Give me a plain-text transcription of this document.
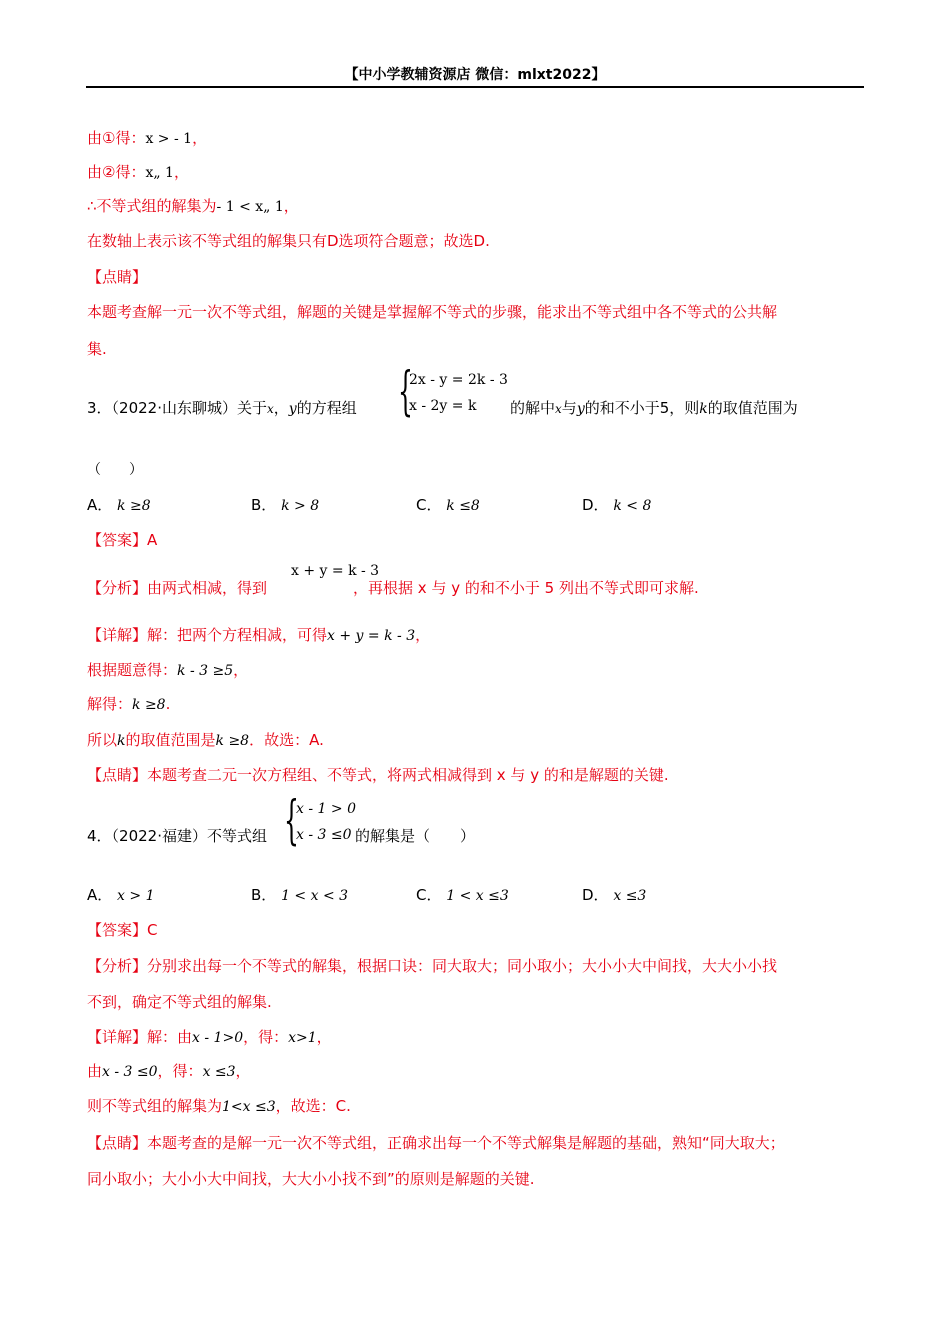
【中小学教辅资源店 微信：mlxt2022】
由①得：x > - 1，
由②得：x„ 1，
∴不等式组的解集为- 1 < x„ 1，
在数轴上表示该不等式组的解集只有D选项符合题意；故选D.
【点睛】
本题考查解一元一次不等式组，解题的关键是掌握解不等式的步骤，能求出不等式组中各不等式的公共解
集.
3．（2022·山东聊城）关于x，y的方程组 {
2x - y = 2k - 3
x - 2y = k 的解中x与y的和不小于5，则k的取值范围为
（　　）
A． k ≥8	B． k > 8	C． k ≤8	D． k < 8
【答案】A
x + y = k - 3
【分析】由两式相减，得到	，再根据 x 与 y 的和不小于 5 列出不等式即可求解.
【详解】解：把两个方程相减，可得x + y = k - 3，
根据题意得：k - 3 ≥5，
解得：k ≥8.
所以k的取值范围是k ≥8．故选：A.
【点睛】本题考查二元一次方程组、不等式，将两式相减得到 x 与 y 的和是解题的关键.
4．（2022·福建）不等式组 {
x - 1 > 0
x - 3 ≤0 的解集是（　　）
A． x > 1	B． 1 < x < 3	C． 1 < x ≤3	D． x ≤3
【答案】C
【分析】分别求出每一个不等式的解集，根据口诀：同大取大；同小取小；大小小大中间找，大大小小找
不到，确定不等式组的解集.
【详解】解：由x - 1>0，得：x>1，
由x - 3 ≤0，得：x ≤3，
则不等式组的解集为1<x ≤3，故选：C.
【点睛】本题考查的是解一元一次不等式组，正确求出每一个不等式解集是解题的基础，熟知“同大取大；
同小取小；大小小大中间找，大大小小找不到”的原则是解题的关键.
